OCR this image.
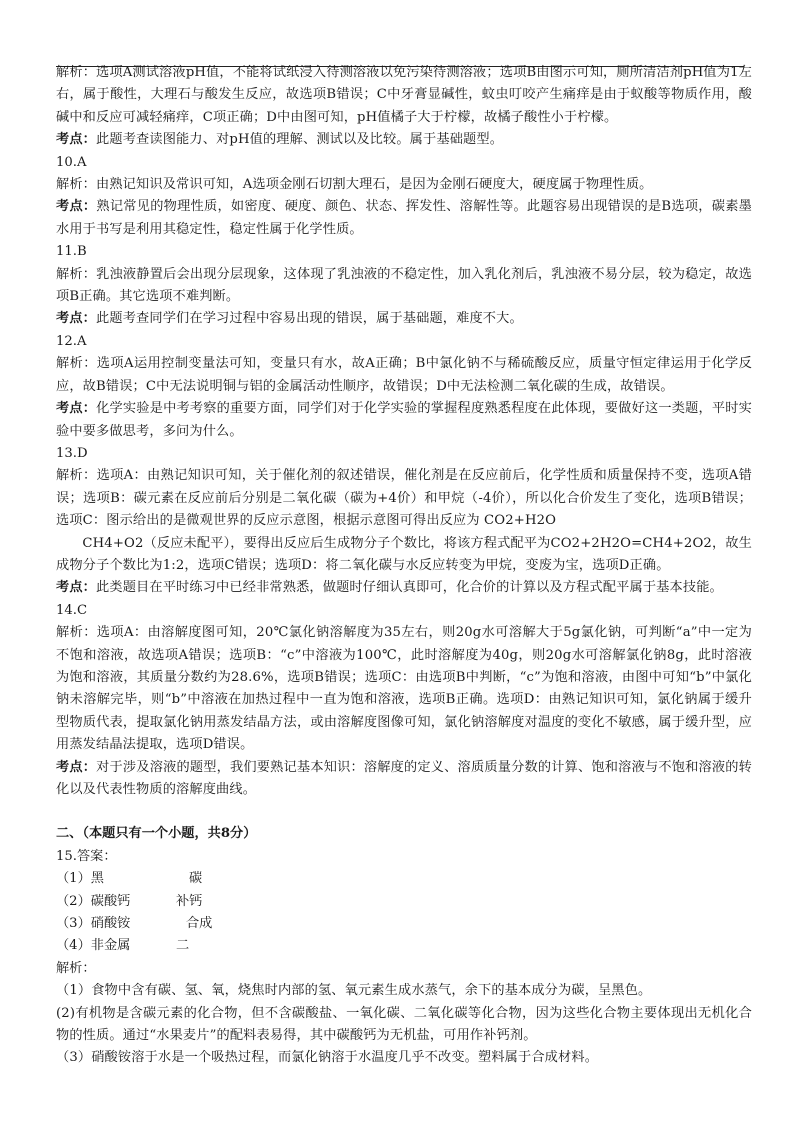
解析：选项A测试溶液pH值，不能将试纸浸入待测溶液以免污染待测溶液；选项B由图示可知，厕所清洁剂pH值为1左右，属于酸性，大理石与酸发生反应，故选项B错误；C中牙膏显碱性，蚊虫叮咬产生痛痒是由于蚁酸等物质作用，酸碱中和反应可减轻痛痒，C项正确；D中由图可知，pH值橘子大于柠檬，故橘子酸性小于柠檬。

考点：此题考查读图能力、对pH值的理解、测试以及比较。属于基础题型。

10.A

解析：由熟记知识及常识可知，A选项金刚石切割大理石，是因为金刚石硬度大，硬度属于物理性质。

考点：熟记常见的物理性质，如密度、硬度、颜色、状态、挥发性、溶解性等。此题容易出现错误的是B选项，碳素墨水用于书写是利用其稳定性，稳定性属于化学性质。

11.B

解析：乳浊液静置后会出现分层现象，这体现了乳浊液的不稳定性，加入乳化剂后，乳浊液不易分层，较为稳定，故选项B正确。其它选项不难判断。

考点：此题考查同学们在学习过程中容易出现的错误，属于基础题，难度不大。

12.A

解析：选项A运用控制变量法可知，变量只有水，故A正确；B中氯化钠不与稀硫酸反应，质量守恒定律运用于化学反应，故B错误；C中无法说明铜与铝的金属活动性顺序，故错误；D中无法检测二氧化碳的生成，故错误。

考点：化学实验是中考考察的重要方面，同学们对于化学实验的掌握程度熟悉程度在此体现，要做好这一类题，平时实验中要多做思考，多问为什么。

13.D

解析：选项A：由熟记知识可知，关于催化剂的叙述错误，催化剂是在反应前后，化学性质和质量保持不变，选项A错误；选项B：碳元素在反应前后分别是二氧化碳（碳为+4价）和甲烷（-4价），所以化合价发生了变化，选项B错误；选项C：图示给出的是微观世界的反应示意图，根据示意图可得出反应为 CO2+H2O

CH4+O2（反应未配平），要得出反应后生成物分子个数比，将该方程式配平为CO2+2H2O=CH4+2O2，故生成物分子个数比为1:2，选项C错误；选项D：将二氧化碳与水反应转变为甲烷，变废为宝，选项D正确。

考点：此类题目在平时练习中已经非常熟悉，做题时仔细认真即可，化合价的计算以及方程式配平属于基本技能。

14.C

解析：选项A：由溶解度图可知，20℃氯化钠溶解度为35左右，则20g水可溶解大于5g氯化钠，可判断“a”中一定为不饱和溶液，故选项A错误；选项B：“c”中溶液为100℃，此时溶解度为40g，则20g水可溶解氯化钠8g，此时溶液为饱和溶液，其质量分数约为28.6%，选项B错误；选项C：由选项B中判断，“c”为饱和溶液，由图中可知“b”中氯化钠未溶解完毕，则“b”中溶液在加热过程中一直为饱和溶液，选项B正确。选项D：由熟记知识可知，氯化钠属于缓升型物质代表，提取氯化钠用蒸发结晶方法，或由溶解度图像可知，氯化钠溶解度对温度的变化不敏感，属于缓升型，应用蒸发结晶法提取，选项D错误。

考点：对于涉及溶液的题型，我们要熟记基本知识：溶解度的定义、溶质质量分数的计算、饱和溶液与不饱和溶液的转化以及代表性物质的溶解度曲线。

二、（本题只有一个小题，共8分）

15.答案：

（1）黑	碳

（2）碳酸钙	补钙

（3）硝酸铵	合成

（4）非金属	二

解析：

（1）食物中含有碳、氢、氧，烧焦时内部的氢、氧元素生成水蒸气，余下的基本成分为碳，呈黑色。

(2)有机物是含碳元素的化合物，但不含碳酸盐、一氧化碳、二氧化碳等化合物，因为这些化合物主要体现出无机化合物的性质。通过“水果麦片”的配料表易得，其中碳酸钙为无机盐，可用作补钙剂。

（3）硝酸铵溶于水是一个吸热过程，而氯化钠溶于水温度几乎不改变。塑料属于合成材料。
